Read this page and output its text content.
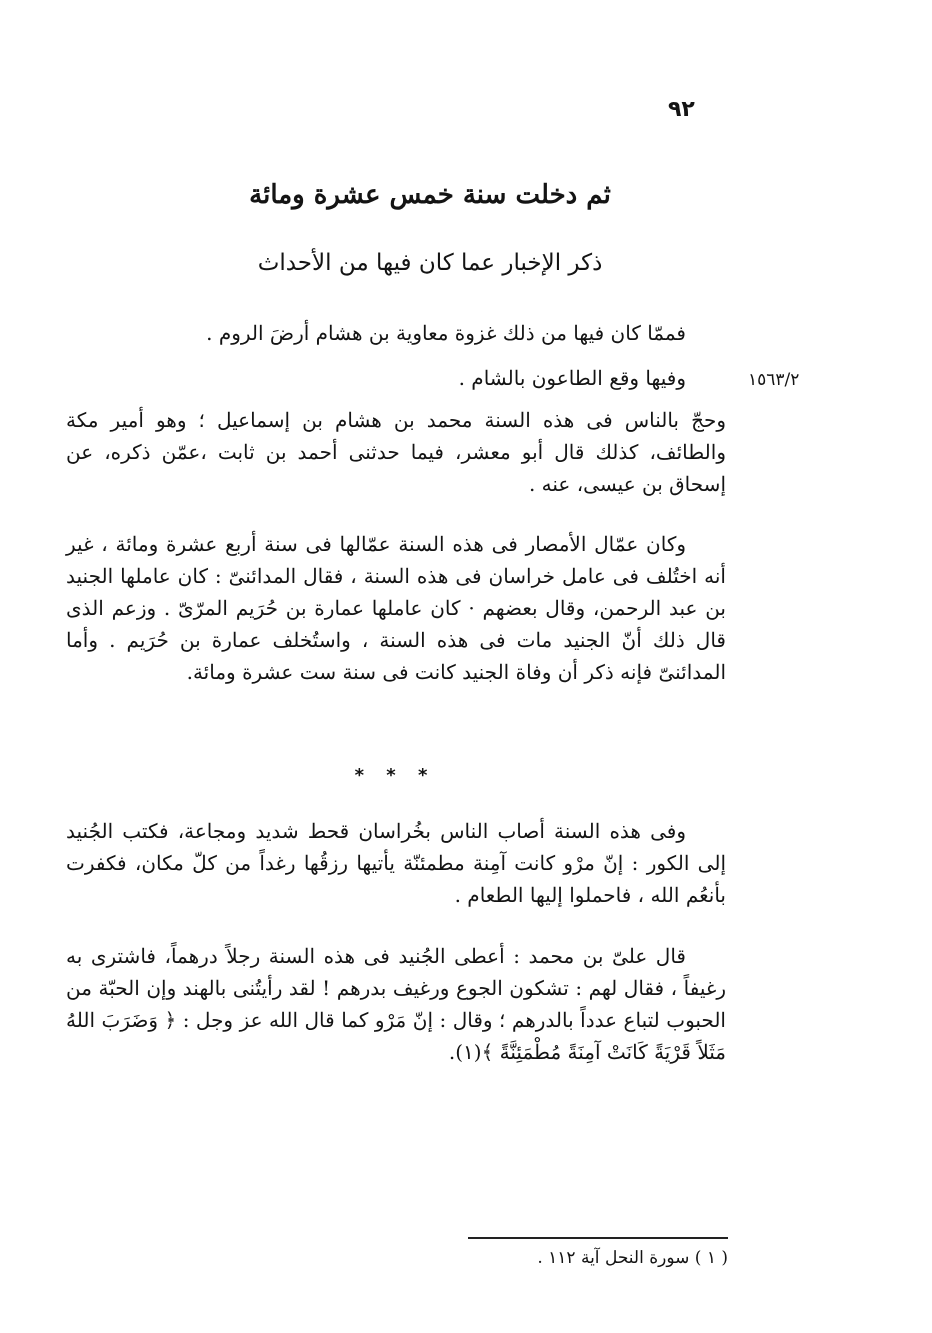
٩٢
ثم دخلت سنة خمس عشرة ومائة
ذكر الإخبار عما كان فيها من الأحداث
١٥٦٣/٢

فممّا كان فيها من ذلك غزوة معاوية بن هشام أرضَ الروم .

وفيها وقع الطاعون بالشام .

وحجّ بالناس فى هذه السنة محمد بن هشام بن إسماعيل ؛ وهو أمير مكة والطائف، كذلك قال أبو معشر، فيما حدثنى أحمد بن ثابت ،عمّن ذكره، عن إسحاق بن عيسى، عنه .

وكان عمّال الأمصار فى هذه السنة عمّالها فى سنة أربع عشرة ومائة ، غير أنه اختُلف فى عامل خراسان فى هذه السنة ، فقال المدائنىّ : كان عاملها الجنيد بن عبد الرحمن، وقال بعضهم · كان عاملها عمارة بن حُرَيم المرّىّ . وزعم الذى قال ذلك أنّ الجنيد مات فى هذه السنة ، واستُخلف عمارة بن حُرَيم . وأما المدائنىّ فإنه ذكر أن وفاة الجنيد كانت فى سنة ست عشرة ومائة.

* * *

وفى هذه السنة أصاب الناس بخُراسان قحط شديد ومجاعة، فكتب الجُنيد إلى الكور : إنّ مرْو كانت آمِنة مطمئنّة يأتيها رزقُها رغداً من كلّ مكان، فكفرت بأنعُم الله ، فاحملوا إليها الطعام .

قال علىّ بن محمد : أعطى الجُنيد فى هذه السنة رجلاً درهماً، فاشترى به رغيفاً ، فقال لهم : تشكون الجوع ورغيف بدرهم ! لقد رأيتُنى بالهند وإن الحبّة من الحبوب لتباع عدداً بالدرهم ؛ وقال : إنّ مَرْو كما قال الله عز وجل : ﴿ وَضَرَبَ اللهُ مَثَلاً قَرْيَةً كَانَتْ آمِنَةً مُطْمَئِنَّةً ﴾(١).

( ١ ) سورة النحل آية ١١٢ .
